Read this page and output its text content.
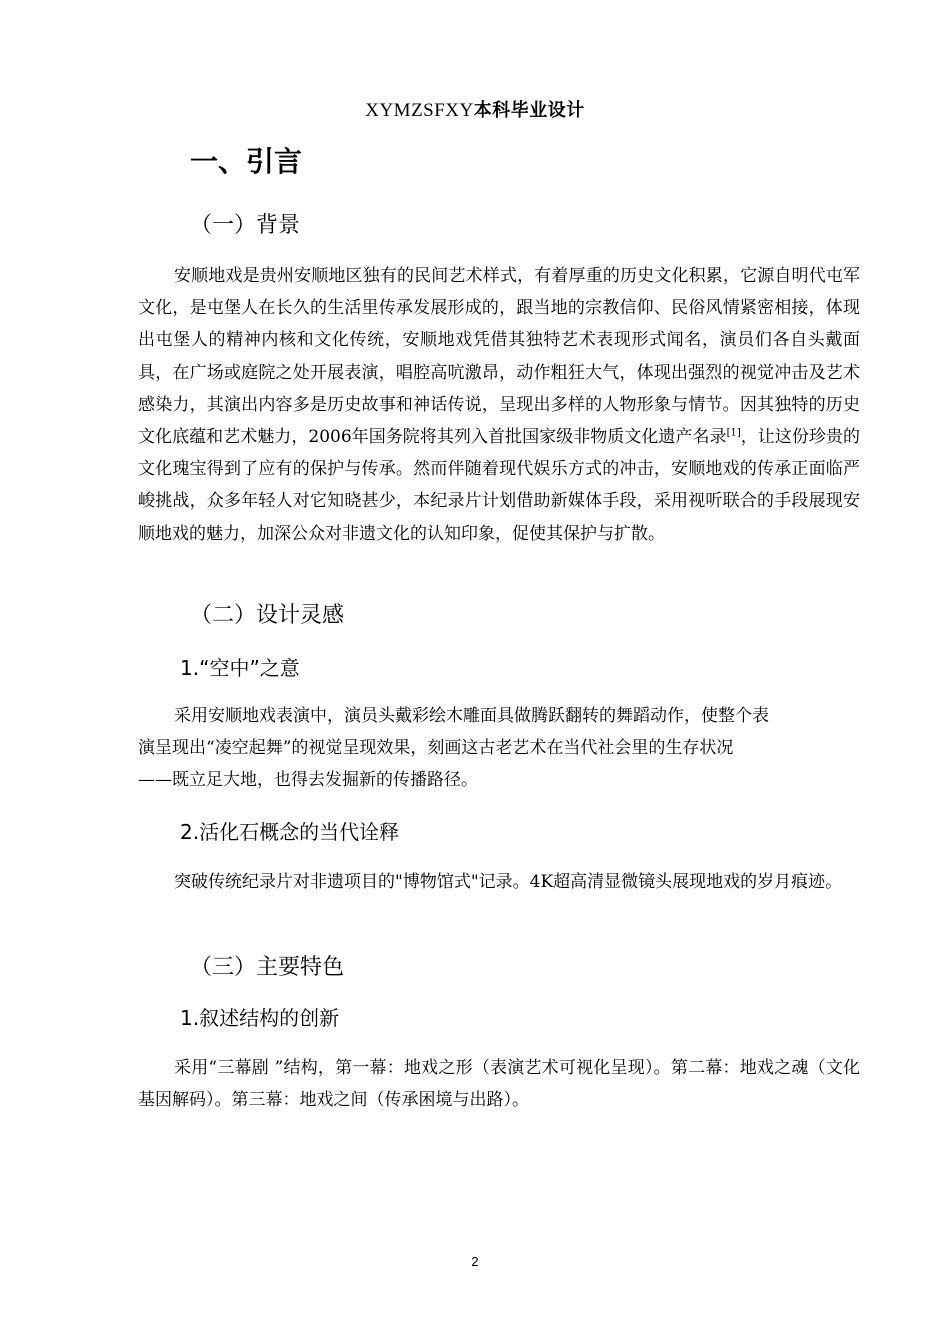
XYMZSFXY本科毕业设计
一、引言
（一）背景

安顺地戏是贵州安顺地区独有的民间艺术样式，有着厚重的历史文化积累，它源自明代屯军文化，是屯堡人在长久的生活里传承发展形成的，跟当地的宗教信仰、民俗风情紧密相接，体现出屯堡人的精神内核和文化传统，安顺地戏凭借其独特艺术表现形式闻名，演员们各自头戴面具，在广场或庭院之处开展表演，唱腔高吭激昂，动作粗狂大气，体现出强烈的视觉冲击及艺术感染力，其演出内容多是历史故事和神话传说，呈现出多样的人物形象与情节。因其独特的历史文化底蕴和艺术魅力，2006年国务院将其列入首批国家级非物质文化遗产名录[1]，让这份珍贵的文化瑰宝得到了应有的保护与传承。然而伴随着现代娱乐方式的冲击，安顺地戏的传承正面临严峻挑战，众多年轻人对它知晓甚少，本纪录片计划借助新媒体手段，采用视听联合的手段展现安顺地戏的魅力，加深公众对非遗文化的认知印象，促使其保护与扩散。

（二）设计灵感
1.“空中”之意
采用安顺地戏表演中，演员头戴彩绘木雕面具做腾跃翻转的舞蹈动作，使整个表
演呈现出“凌空起舞”的视觉呈现效果，刻画这古老艺术在当代社会里的生存状况
——既立足大地，也得去发掘新的传播路径。
2.活化石概念的当代诠释

突破传统纪录片对非遗项目的"博物馆式"记录。4K超高清显微镜头展现地戏的岁月痕迹。

（三）主要特色
1.叙述结构的创新

采用“三幕剧 ”结构，第一幕：地戏之形（表演艺术可视化呈现）。第二幕：地戏之魂（文化基因解码）。第三幕：地戏之间（传承困境与出路）。

2
